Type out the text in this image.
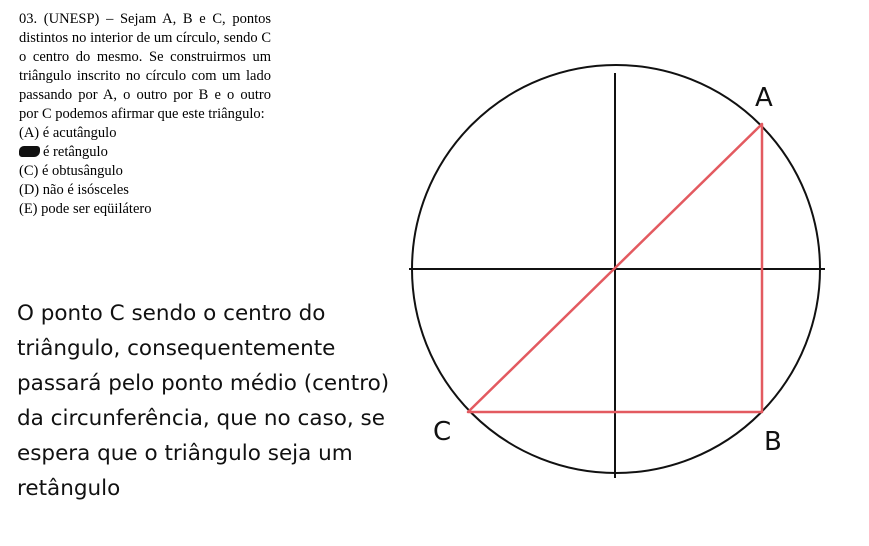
03. (UNESP) – Sejam A, B e C, pontos distintos no interior de um círculo, sendo C o centro do mesmo. Se construirmos um triângulo inscrito no círculo com um lado passando por A, o outro por B e o outro por C podemos afirmar que este triângulo:

(A) é acutângulo
é retângulo
(C) é obtusângulo
(D) não é isósceles
(E) pode ser eqüilátero

O ponto C sendo o centro do triângulo, consequentemente passará pelo ponto médio (centro) da circunferência, que no caso, se espera que o triângulo seja um retângulo

A
B
C
